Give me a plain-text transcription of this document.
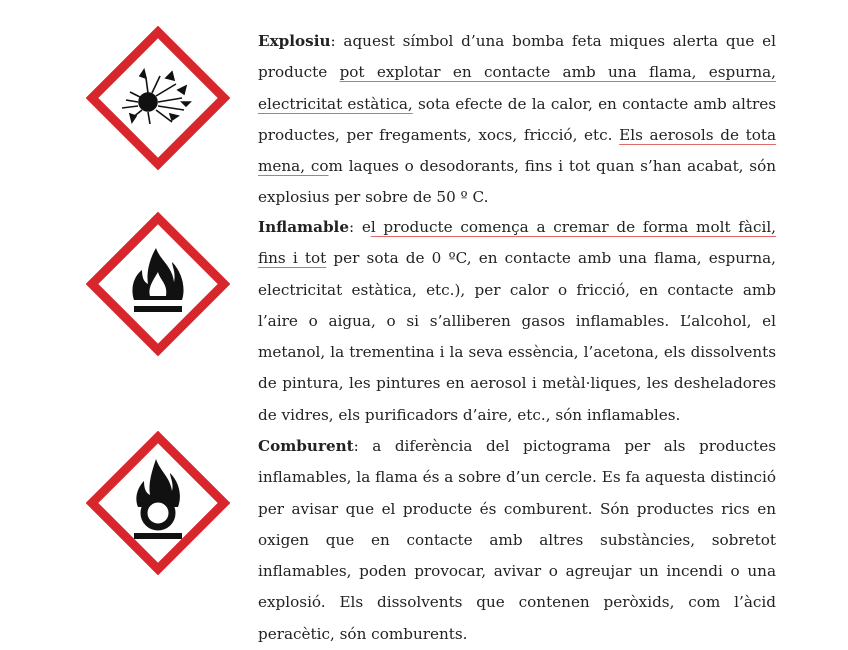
Explosiu: aquest símbol d’una bomba feta miques alerta que el producte pot explotar en contacte amb una flama, espurna, electricitat estàtica, sota efecte de la calor, en contacte amb altres productes, per fregaments, xocs, fricció, etc. Els aerosols de tota mena, com laques o desodorants, fins i tot quan s’han acabat, són explosius per sobre de 50 º C.
Inflamable: el producte comença a cremar de forma molt fàcil, fins i tot per sota de 0 ºC, en contacte amb una flama, espurna, electricitat estàtica, etc.), per calor o fricció, en contacte amb l’aire o aigua, o si s’alliberen gasos inflamables. L’alcohol, el metanol, la trementina i la seva essència, l’acetona, els dissolvents de pintura, les pintures en aerosol i metàl·liques, les desheladores de vidres, els purificadors d’aire, etc., són inflamables.
Comburent: a diferència del pictograma per als productes inflamables, la flama és a sobre d’un cercle. Es fa aquesta distinció per avisar que el producte és comburent. Són productes rics en oxigen que en contacte amb altres substàncies, sobretot inflamables, poden provocar, avivar o agreujar un incendi o una explosió. Els dissolvents que contenen peròxids, com l’àcid peracètic, són comburents.
